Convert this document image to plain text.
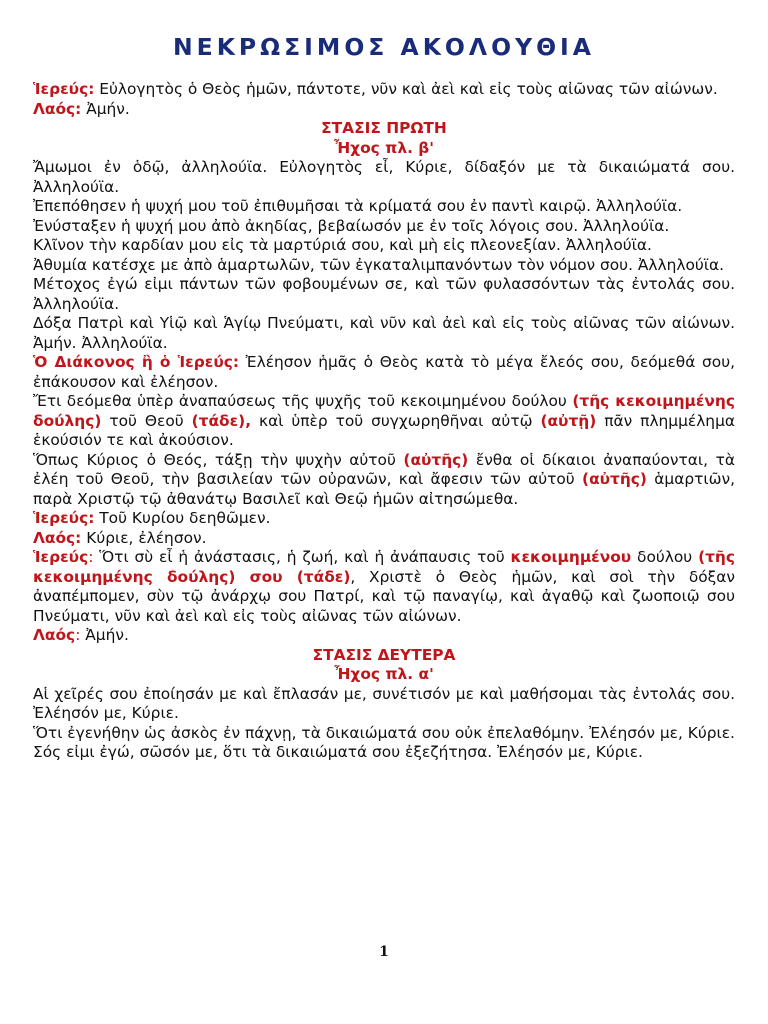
ΝΕΚΡΩΣΙΜΟΣ ΑΚΟΛΟΥΘΙΑ

Ἱερεύς: Εὐλογητὸς ὁ Θεὸς ἡμῶν, πάντοτε, νῦν καὶ ἀεὶ καὶ εἰς τοὺς αἰῶνας τῶν αἰώνων.

Λαός: Ἀμήν.

ΣΤΑΣΙΣ ΠΡΩΤΗ

Ἦχος πλ. β'

Ἄμωμοι ἐν ὁδῷ, ἀλληλούϊα. Εὐλογητὸς εἶ, Κύριε, δίδαξόν με τὰ δικαιώματά σου. Ἀλληλούϊα.

Ἐπεπόθησεν ἡ ψυχή μου τοῦ ἐπιθυμῆσαι τὰ κρίματά σου ἐν παντὶ καιρῷ. Ἀλληλούϊα.

Ἐνύσταξεν ἡ ψυχή μου ἀπὸ ἀκηδίας, βεβαίωσόν με ἐν τοῖς λόγοις σου. Ἀλληλούϊα.

Κλῖνον τὴν καρδίαν μου εἰς τὰ μαρτύριά σου, καὶ μὴ εἰς πλεονεξίαν. Ἀλληλούϊα.

Ἀθυμία κατέσχε με ἀπὸ ἁμαρτωλῶν, τῶν ἐγκαταλιμπανόντων τὸν νόμον σου. Ἀλληλούϊα.

Μέτοχος ἐγώ εἰμι πάντων τῶν φοβουμένων σε, καὶ τῶν φυλασσόντων τὰς ἐντολάς σου. Ἀλληλούϊα.

Δόξα Πατρὶ καὶ Υἱῷ καὶ Ἁγίῳ Πνεύματι, καὶ νῦν καὶ ἀεὶ καὶ εἰς τοὺς αἰῶνας τῶν αἰώνων. Ἀμήν. Ἀλληλούϊα.

Ὁ Διάκονος ἢ ὁ Ἱερεύς: Ἐλέησον ἡμᾶς ὁ Θεὸς κατὰ τὸ μέγα ἔλεός σου, δεόμεθά σου, ἐπάκουσον καὶ ἐλέησον.

Ἔτι δεόμεθα ὑπὲρ ἀναπαύσεως τῆς ψυχῆς τοῦ κεκοιμημένου δούλου (τῆς κεκοιμημένης δούλης) τοῦ Θεοῦ (τάδε), καὶ ὑπὲρ τοῦ συγχωρηθῆναι αὐτῷ (αὐτῇ) πᾶν πλημμέλημα ἑκούσιόν τε καὶ ἀκούσιον.

Ὅπως Κύριος ὁ Θεός, τάξῃ τὴν ψυχὴν αὐτοῦ (αὐτῆς) ἔνθα οἱ δίκαιοι ἀναπαύονται, τὰ ἐλέη τοῦ Θεοῦ, τὴν βασιλείαν τῶν οὐρανῶν, καὶ ἄφεσιν τῶν αὐτοῦ (αὐτῆς) ἁμαρτιῶν, παρὰ Χριστῷ τῷ ἀθανάτῳ Βασιλεῖ καὶ Θεῷ ἡμῶν αἰτησώμεθα.

Ἱερεύς: Τοῦ Κυρίου δεηθῶμεν.

Λαός: Κύριε, ἐλέησον.

Ἱερεύς: Ὅτι σὺ εἶ ἡ ἀνάστασις, ἡ ζωή, καὶ ἡ ἀνάπαυσις τοῦ κεκοιμημένου δούλου (τῆς κεκοιμημένης δούλης) σου (τάδε), Χριστὲ ὁ Θεὸς ἡμῶν, καὶ σοὶ τὴν δόξαν ἀναπέμπομεν, σὺν τῷ ἀνάρχῳ σου Πατρί, καὶ τῷ παναγίῳ, καὶ ἀγαθῷ καὶ ζωοποιῷ σου Πνεύματι, νῦν καὶ ἀεὶ καὶ εἰς τοὺς αἰῶνας τῶν αἰώνων.

Λαός: Ἀμήν.

ΣΤΑΣΙΣ ΔΕΥΤΕΡΑ

Ἦχος πλ. α'

Αἱ χεῖρές σου ἐποίησάν με καὶ ἔπλασάν με, συνέτισόν με καὶ μαθήσομαι τὰς ἐντολάς σου. Ἐλέησόν με, Κύριε.

Ὅτι ἐγενήθην ὡς ἀσκὸς ἐν πάχνῃ, τὰ δικαιώματά σου οὐκ ἐπελαθόμην. Ἐλέησόν με, Κύριε.

Σός εἰμι ἐγώ, σῶσόν με, ὅτι τὰ δικαιώματά σου ἐξεζήτησα. Ἐλέησόν με, Κύριε.

1
